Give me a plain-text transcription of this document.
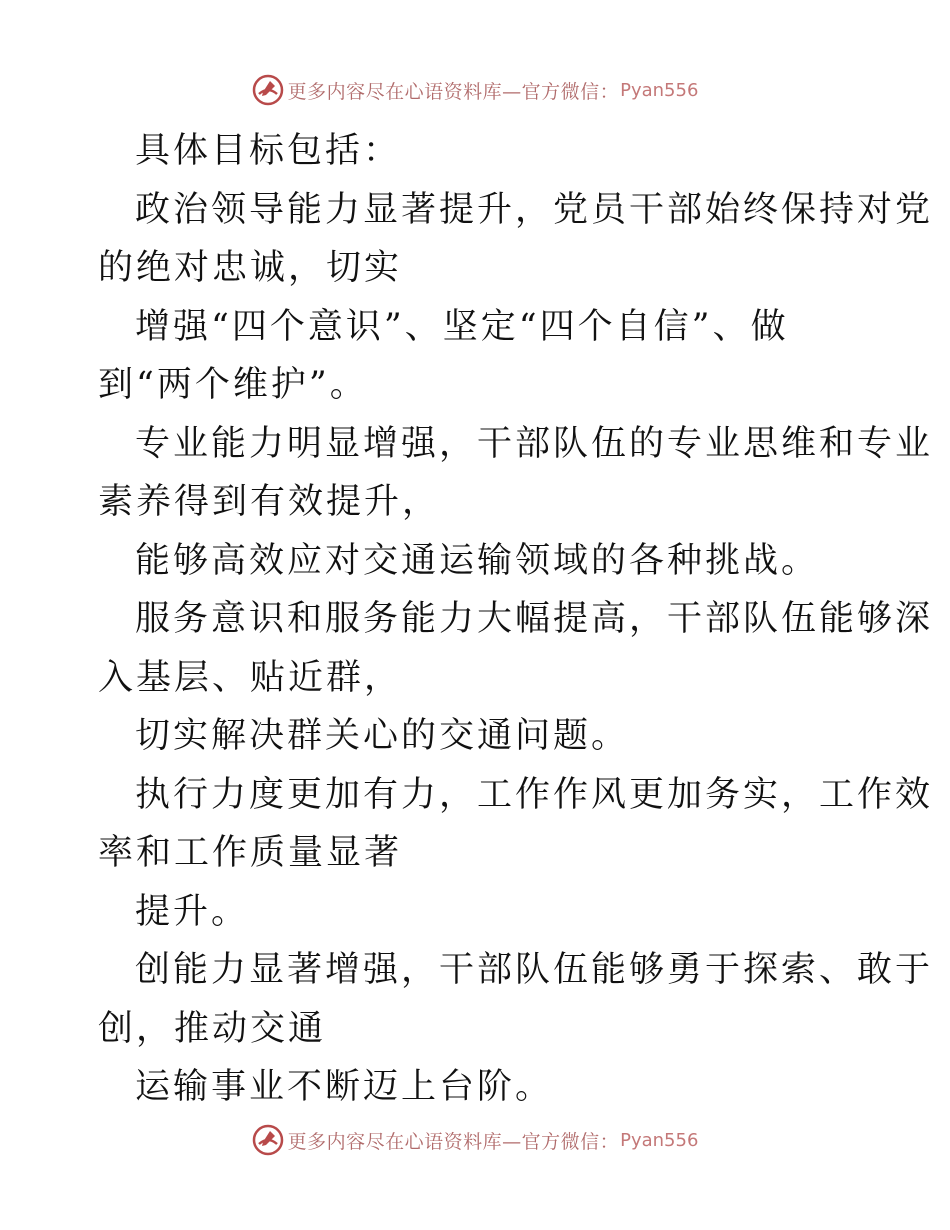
更多内容尽在心语资料库—官方微信： Pyan556
具体目标包括：
政治领导能力显著提升，党员干部始终保持对党
的绝对忠诚，切实
增强“四个意识”、坚定“四个自信”、做
到“两个维护”。
专业能力明显增强，干部队伍的专业思维和专业
素养得到有效提升，
能够高效应对交通运输领域的各种挑战。
服务意识和服务能力大幅提高，干部队伍能够深
入基层、贴近群，
切实解决群关心的交通问题。
执行力度更加有力，工作作风更加务实，工作效
率和工作质量显著
提升。
创能力显著增强，干部队伍能够勇于探索、敢于
创，推动交通
运输事业不断迈上台阶。
更多内容尽在心语资料库—官方微信： Pyan556
